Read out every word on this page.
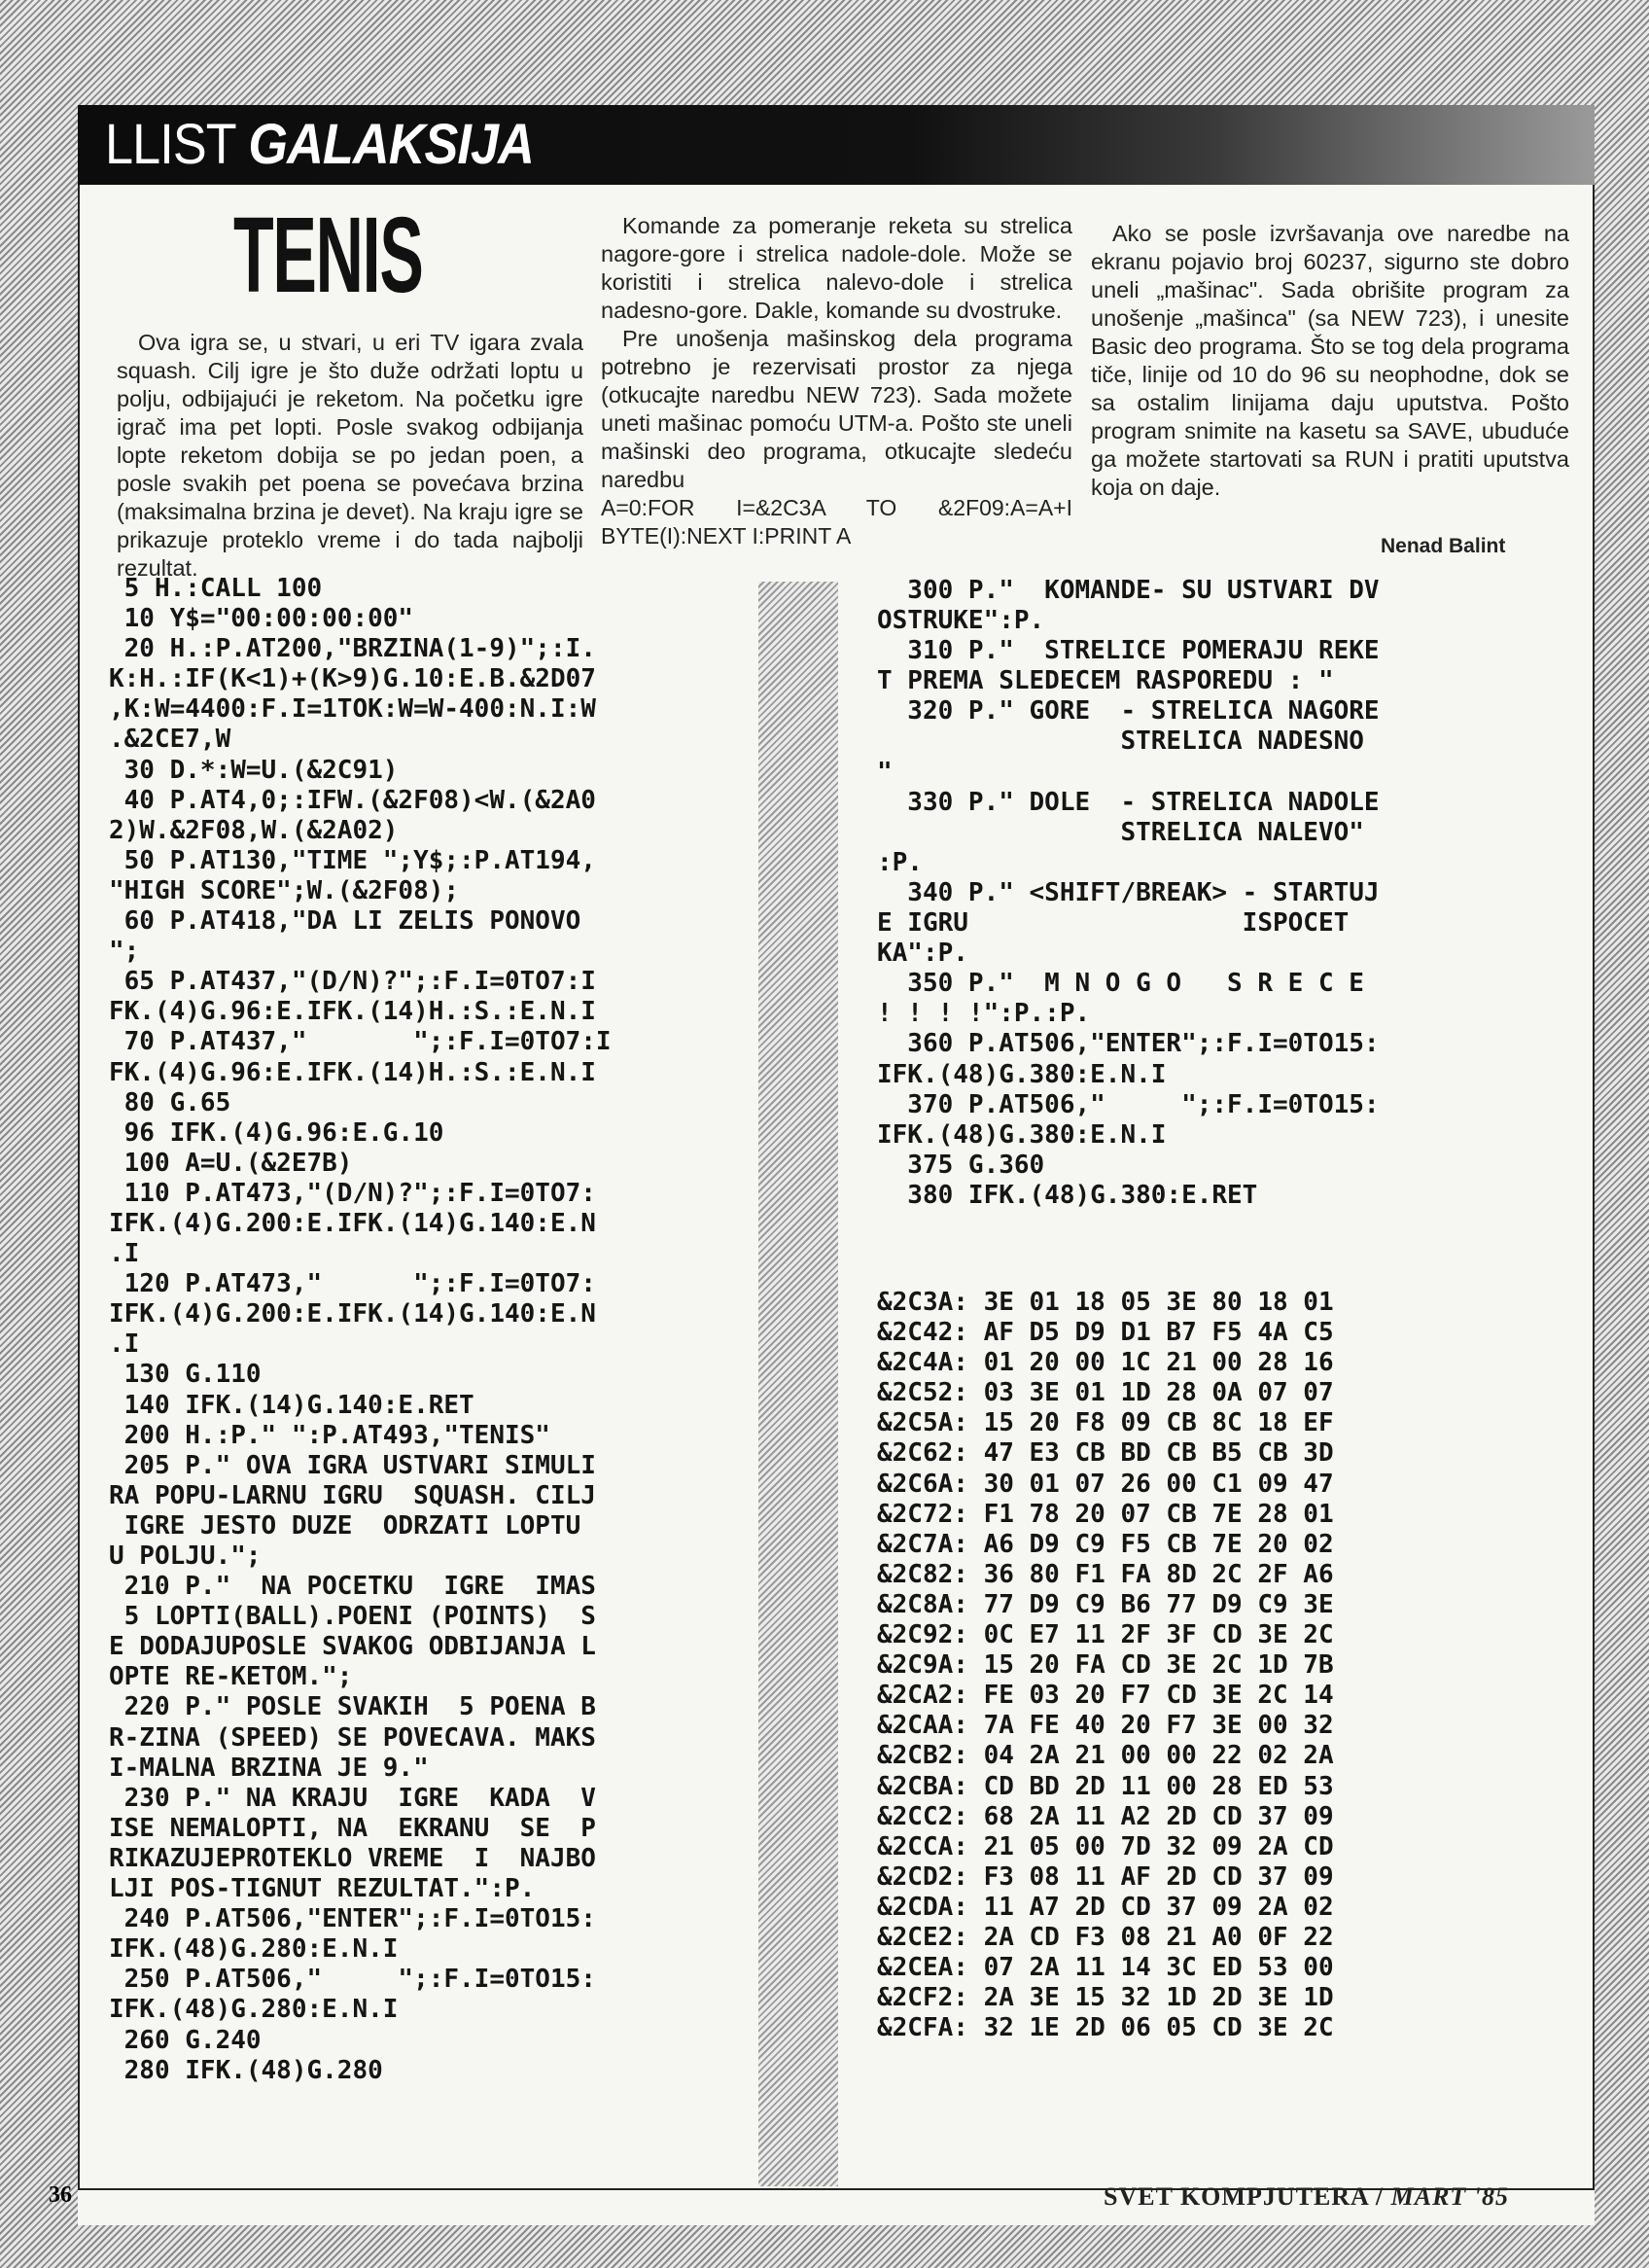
LLIST GALAKSIJA
TENIS

Ova igra se, u stvari, u eri TV igara zvala squash. Cilj igre je što duže održati loptu u polju, odbijajući je reketom. Na početku igre igrač ima pet lopti. Posle svakog odbijanja lopte reketom dobija se po jedan poen, a posle svakih pet poena se povećava brzina (maksimalna brzina je devet). Na kraju igre se prikazuje proteklo vreme i do tada najbolji rezultat.

Komande za pomeranje reketa su strelica nagore-gore i strelica nadole-dole. Može se koristiti i strelica nalevo-dole i strelica nadesno-gore. Dakle, komande su dvostruke.

Pre unošenja mašinskog dela programa potrebno je rezervisati prostor za njega (otkucajte naredbu NEW 723). Sada možete uneti mašinac pomoću UTM-a. Pošto ste uneli mašinski deo programa, otkucajte sledeću naredbu

A=0:FOR I=&2C3A TO &2F09:A=A+I BYTE(I):NEXT I:PRINT A

Ako se posle izvršavanja ove naredbe na ekranu pojavio broj 60237, sigurno ste dobro uneli „mašinac". Sada obrišite program za unošenje „mašinca" (sa NEW 723), i unesite Basic deo programa. Što se tog dela programa tiče, linije od 10 do 96 su neophodne, dok se sa ostalim linijama daju uputstva. Pošto program snimite na kasetu sa SAVE, ubuduće ga možete startovati sa RUN i pratiti uputstva koja on daje.

Nenad Balint
5 H.:CALL 100
10 Y$="00:00:00:00"
20 H.:P.AT200,"BRZINA(1-9)";:I.
K:H.:IF(K<1)+(K>9)G.10:E.B.&2D07
,K:W=4400:F.I=1TOK:W=W-400:N.I:W
.&2CE7,W
30 D.*:W=U.(&2C91)
40 P.AT4,0;:IFW.(&2F08)<W.(&2A0
2)W.&2F08,W.(&2A02)
50 P.AT130,"TIME ";Y$;:P.AT194,
"HIGH SCORE";W.(&2F08);
60 P.AT418,"DA LI ZELIS PONOVO
";
65 P.AT437,"(D/N)?";:F.I=0TO7:I
FK.(4)G.96:E.IFK.(14)H.:S.:E.N.I
70 P.AT437,"       ";:F.I=0TO7:I
FK.(4)G.96:E.IFK.(14)H.:S.:E.N.I
80 G.65
96 IFK.(4)G.96:E.G.10
100 A=U.(&2E7B)
110 P.AT473,"(D/N)?";:F.I=0TO7:
IFK.(4)G.200:E.IFK.(14)G.140:E.N
.I
120 P.AT473,"      ";:F.I=0TO7:
IFK.(4)G.200:E.IFK.(14)G.140:E.N
.I
130 G.110
140 IFK.(14)G.140:E.RET
200 H.:P." ":P.AT493,"TENIS"
205 P." OVA IGRA USTVARI SIMULI
RA POPU-LARNU IGRU  SQUASH. CILJ
IGRE JESTO DUZE  ODRZATI LOPTU
U POLJU.";
210 P."  NA POCETKU  IGRE  IMAS
5 LOPTI(BALL).POENI (POINTS)  S
E DODAJUPOSLE SVAKOG ODBIJANJA L
OPTE RE-KETOM.";
220 P." POSLE SVAKIH  5 POENA B
R-ZINA (SPEED) SE POVECAVA. MAKS
I-MALNA BRZINA JE 9."
230 P." NA KRAJU  IGRE  KADA  V
ISE NEMALOPTI, NA  EKRANU  SE  P
RIKAZUJEPROTEKLO VREME  I  NAJBO
LJI POS-TIGNUT REZULTAT.":P.
240 P.AT506,"ENTER";:F.I=0TO15:
IFK.(48)G.280:E.N.I
250 P.AT506,"     ";:F.I=0TO15:
IFK.(48)G.280:E.N.I
260 G.240
280 IFK.(48)G.280
300 P."  KOMANDE- SU USTVARI DV
OSTRUKE":P.
310 P."  STRELICE POMERAJU REKE
T PREMA SLEDECEM RASPOREDU : "
320 P." GORE  - STRELICA NAGORE
STRELICA NADESNO
"
330 P." DOLE  - STRELICA NADOLE
STRELICA NALEVO"
:P.
340 P." <SHIFT/BREAK> - STARTUJ
E IGRU                  ISPOCET
KA":P.
350 P."  M N O G O   S R E C E
! ! ! !":P.:P.
360 P.AT506,"ENTER";:F.I=0TO15:
IFK.(48)G.380:E.N.I
370 P.AT506,"     ";:F.I=0TO15:
IFK.(48)G.380:E.N.I
375 G.360
380 IFK.(48)G.380:E.RET
&2C3A: 3E 01 18 05 3E 80 18 01
&2C42: AF D5 D9 D1 B7 F5 4A C5
&2C4A: 01 20 00 1C 21 00 28 16
&2C52: 03 3E 01 1D 28 0A 07 07
&2C5A: 15 20 F8 09 CB 8C 18 EF
&2C62: 47 E3 CB BD CB B5 CB 3D
&2C6A: 30 01 07 26 00 C1 09 47
&2C72: F1 78 20 07 CB 7E 28 01
&2C7A: A6 D9 C9 F5 CB 7E 20 02
&2C82: 36 80 F1 FA 8D 2C 2F A6
&2C8A: 77 D9 C9 B6 77 D9 C9 3E
&2C92: 0C E7 11 2F 3F CD 3E 2C
&2C9A: 15 20 FA CD 3E 2C 1D 7B
&2CA2: FE 03 20 F7 CD 3E 2C 14
&2CAA: 7A FE 40 20 F7 3E 00 32
&2CB2: 04 2A 21 00 00 22 02 2A
&2CBA: CD BD 2D 11 00 28 ED 53
&2CC2: 68 2A 11 A2 2D CD 37 09
&2CCA: 21 05 00 7D 32 09 2A CD
&2CD2: F3 08 11 AF 2D CD 37 09
&2CDA: 11 A7 2D CD 37 09 2A 02
&2CE2: 2A CD F3 08 21 A0 0F 22
&2CEA: 07 2A 11 14 3C ED 53 00
&2CF2: 2A 3E 15 32 1D 2D 3E 1D
&2CFA: 32 1E 2D 06 05 CD 3E 2C
36	SVET KOMPJUTERA / MART '85
